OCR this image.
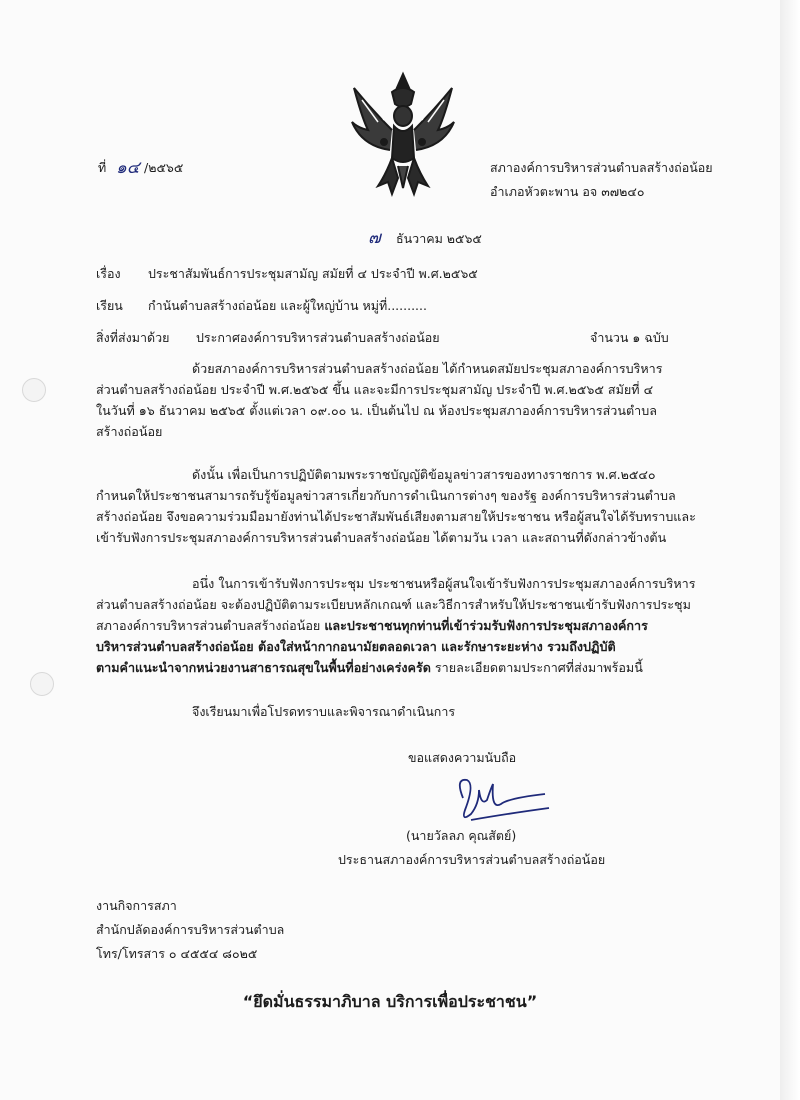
ที่ ๑๔ /๒๕๖๕	สภาองค์การบริหารส่วนตำบลสร้างถ่อน้อย
อำเภอหัวตะพาน อจ ๓๗๒๔๐
๗ ธันวาคม ๒๕๖๕
เรื่อง ประชาสัมพันธ์การประชุมสามัญ สมัยที่ ๔ ประจำปี พ.ศ.๒๕๖๕
เรียน กำนันตำบลสร้างถ่อน้อย และผู้ใหญ่บ้าน หมู่ที่..........
สิ่งที่ส่งมาด้วย ประกาศองค์การบริหารส่วนตำบลสร้างถ่อน้อย	จำนวน ๑ ฉบับ
ด้วยสภาองค์การบริหารส่วนตำบลสร้างถ่อน้อย ได้กำหนดสมัยประชุมสภาองค์การบริหาร
ส่วนตำบลสร้างถ่อน้อย ประจำปี พ.ศ.๒๕๖๕ ขึ้น และจะมีการประชุมสามัญ ประจำปี พ.ศ.๒๕๖๕ สมัยที่ ๔
ในวันที่ ๑๖ ธันวาคม ๒๕๖๕ ตั้งแต่เวลา ๐๙.๐๐ น. เป็นต้นไป ณ ห้องประชุมสภาองค์การบริหารส่วนตำบล
สร้างถ่อน้อย
ดังนั้น เพื่อเป็นการปฏิบัติตามพระราชบัญญัติข้อมูลข่าวสารของทางราชการ พ.ศ.๒๕๔๐
กำหนดให้ประชาชนสามารถรับรู้ข้อมูลข่าวสารเกี่ยวกับการดำเนินการต่างๆ ของรัฐ องค์การบริหารส่วนตำบล
สร้างถ่อน้อย จึงขอความร่วมมือมายังท่านได้ประชาสัมพันธ์เสียงตามสายให้ประชาชน หรือผู้สนใจได้รับทราบและ
เข้ารับฟังการประชุมสภาองค์การบริหารส่วนตำบลสร้างถ่อน้อย ได้ตามวัน เวลา และสถานที่ดังกล่าวข้างต้น
อนึ่ง ในการเข้ารับฟังการประชุม ประชาชนหรือผู้สนใจเข้ารับฟังการประชุมสภาองค์การบริหาร
ส่วนตำบลสร้างถ่อน้อย จะต้องปฏิบัติตามระเบียบหลักเกณฑ์ และวิธีการสำหรับให้ประชาชนเข้ารับฟังการประชุม
สภาองค์การบริหารส่วนตำบลสร้างถ่อน้อย และประชาชนทุกท่านที่เข้าร่วมรับฟังการประชุมสภาองค์การ
บริหารส่วนตำบลสร้างถ่อน้อย ต้องใส่หน้ากากอนามัยตลอดเวลา และรักษาระยะห่าง รวมถึงปฏิบัติ
ตามคำแนะนำจากหน่วยงานสาธารณสุขในพื้นที่อย่างเคร่งครัด รายละเอียดตามประกาศที่ส่งมาพร้อมนี้
จึงเรียนมาเพื่อโปรดทราบและพิจารณาดำเนินการ
ขอแสดงความนับถือ
(นายวัลลภ คุณสัตย์)
ประธานสภาองค์การบริหารส่วนตำบลสร้างถ่อน้อย
งานกิจการสภา
สำนักปลัดองค์การบริหารส่วนตำบล
โทร/โทรสาร ๐ ๔๕๕๔ ๘๐๒๕
“ยึดมั่นธรรมาภิบาล บริการเพื่อประชาชน”
